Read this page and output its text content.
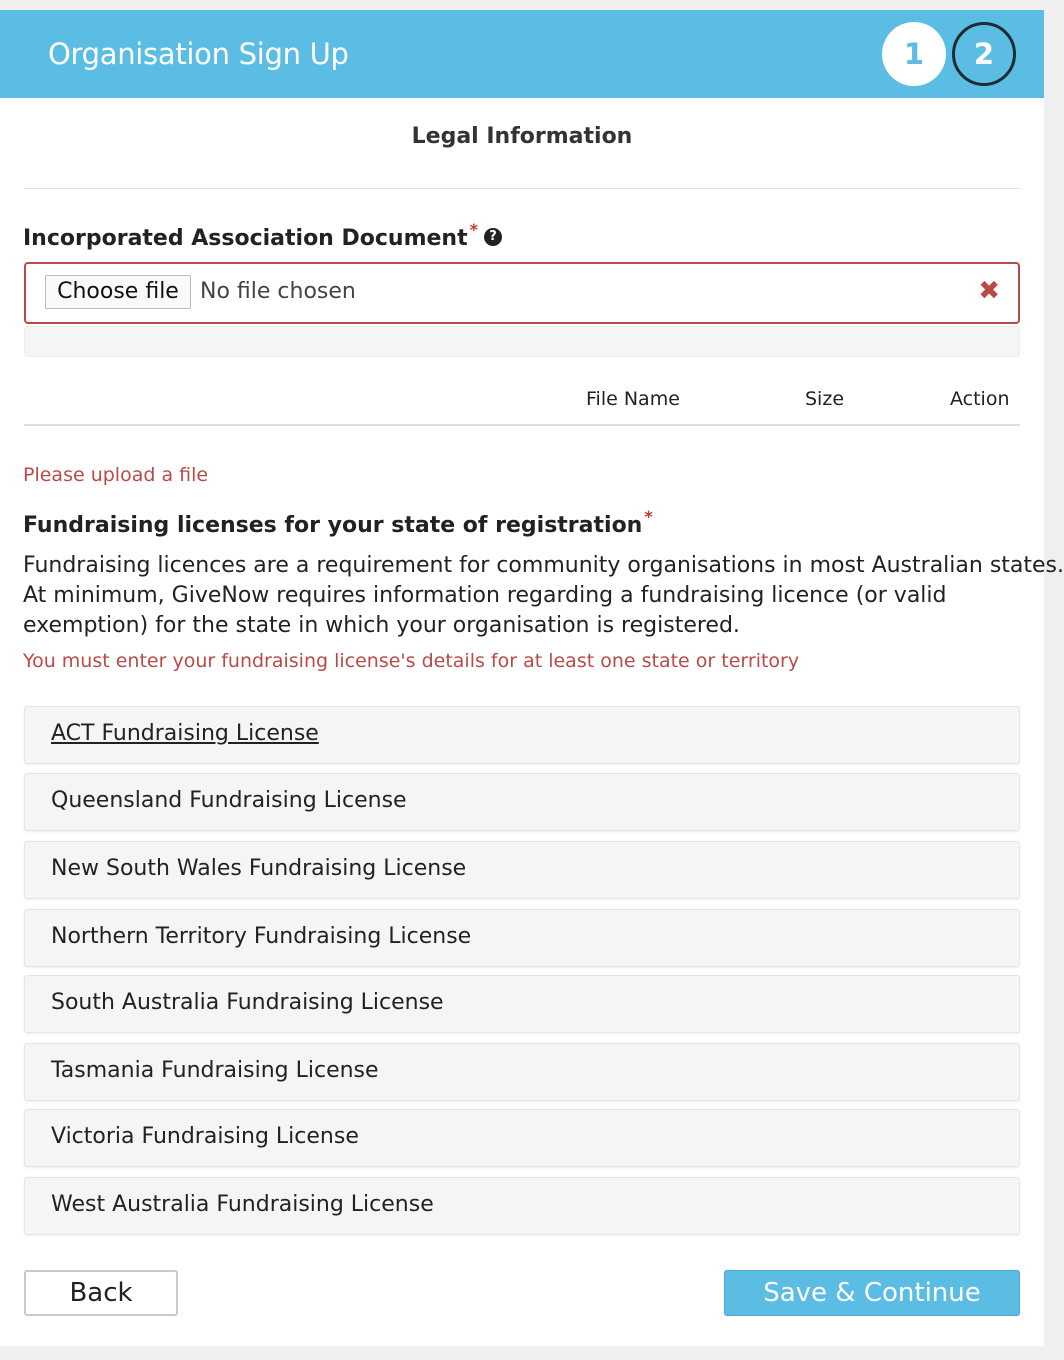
Organisation Sign Up	1	2
Legal Information
Incorporated Association Document * ?
Choose file No file chosen	✖
File Name	Size	Action
Please upload a file
Fundraising licenses for your state of registration *

Fundraising licences are a requirement for community organisations in most Australian states.

At minimum, GiveNow requires information regarding a fundraising licence (or valid

exemption) for the state in which your organisation is registered.

You must enter your fundraising license's details for at least one state or territory
ACT Fundraising License
Queensland Fundraising License
New South Wales Fundraising License
Northern Territory Fundraising License
South Australia Fundraising License
Tasmania Fundraising License
Victoria Fundraising License
West Australia Fundraising License
Back	Save & Continue
